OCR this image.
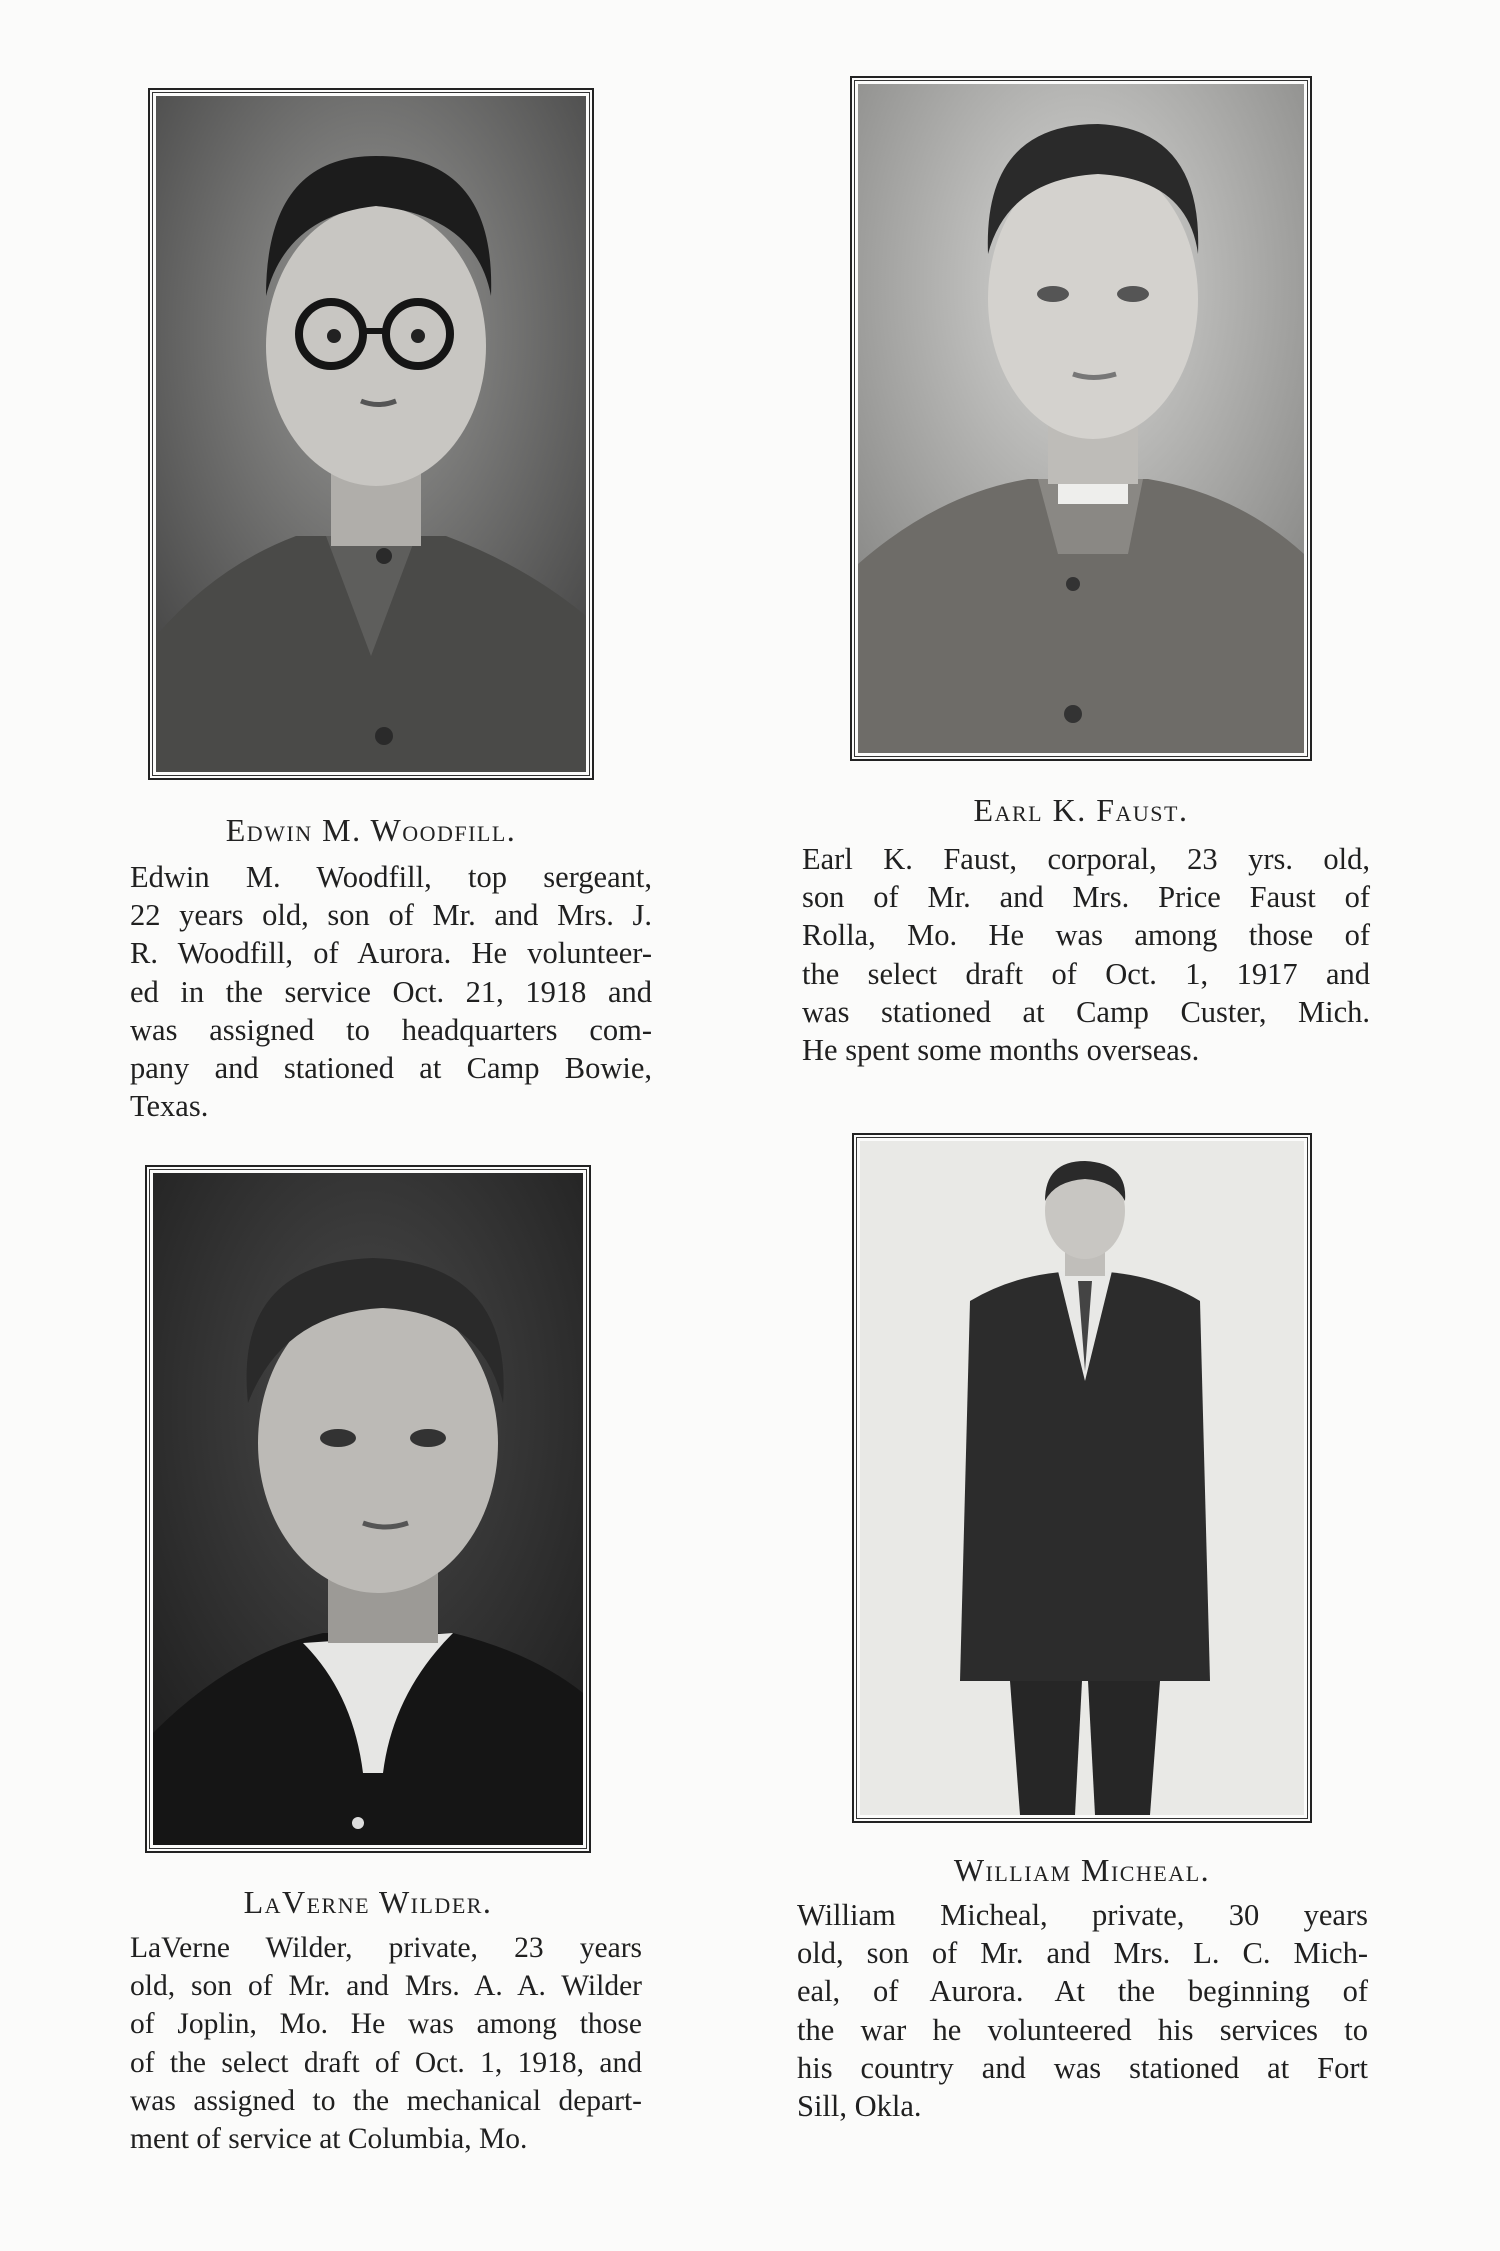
Edwin M. Woodfill.
Edwin M. Woodfill, top sergeant,
22 years old, son of Mr. and Mrs. J.
R. Woodfill, of Aurora. He volunteer-
ed in the service Oct. 21, 1918 and
was assigned to headquarters com-
pany and stationed at Camp Bowie,
Texas.
Earl K. Faust.
Earl K. Faust, corporal, 23 yrs. old,
son of Mr. and Mrs. Price Faust of
Rolla, Mo. He was among those of
the select draft of Oct. 1, 1917 and
was stationed at Camp Custer, Mich.
He spent some months overseas.
LaVerne Wilder.
LaVerne Wilder, private, 23 years
old, son of Mr. and Mrs. A. A. Wilder
of Joplin, Mo. He was among those
of the select draft of Oct. 1, 1918, and
was assigned to the mechanical depart-
ment of service at Columbia, Mo.
William Micheal.
William Micheal, private, 30 years
old, son of Mr. and Mrs. L. C. Mich-
eal, of Aurora. At the beginning of
the war he volunteered his services to
his country and was stationed at Fort
Sill, Okla.
